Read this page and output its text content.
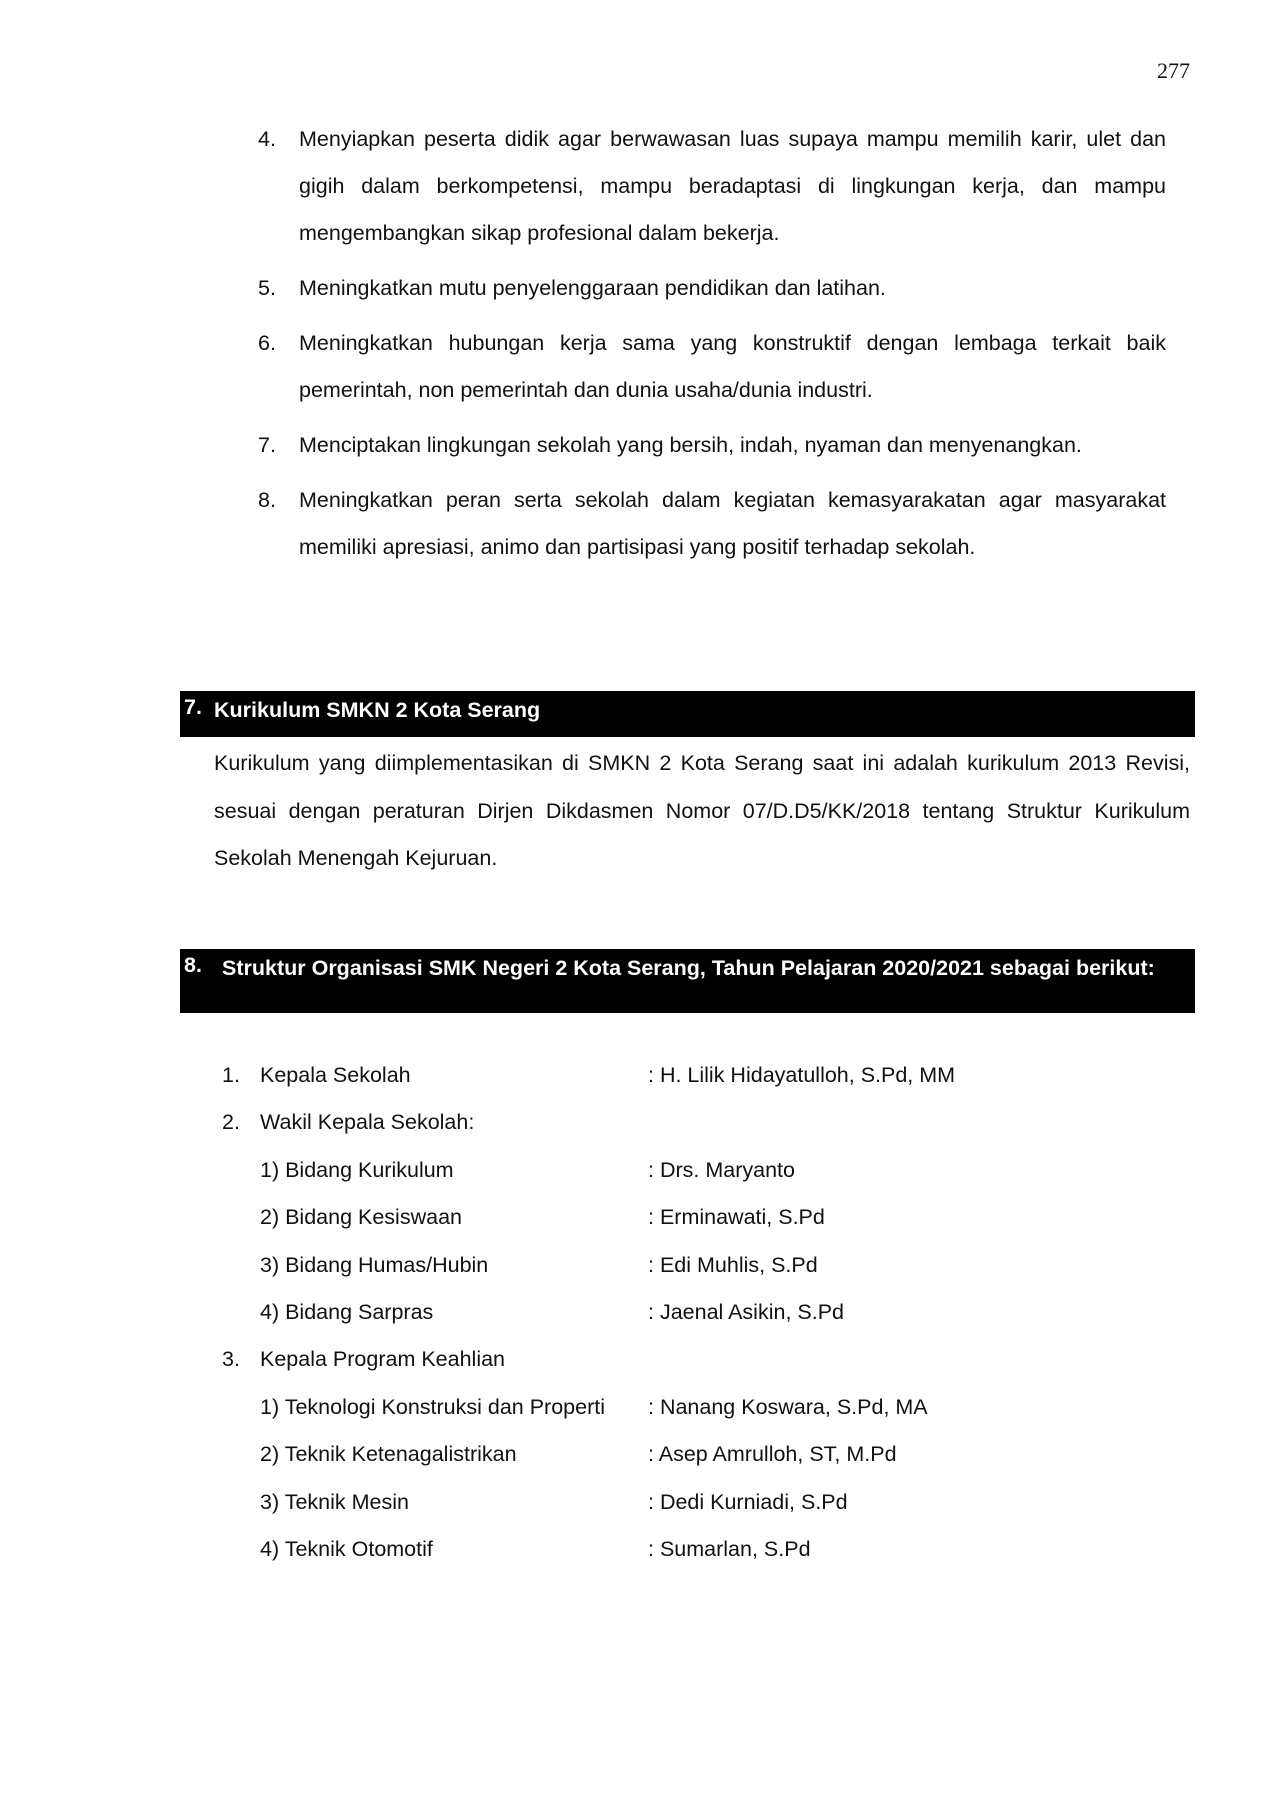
277
4.	Menyiapkan peserta didik agar berwawasan luas supaya mampu memilih karir, ulet dan gigih dalam berkompetensi, mampu beradaptasi di lingkungan kerja, dan mampu mengembangkan sikap profesional dalam bekerja.
5.	Meningkatkan mutu penyelenggaraan pendidikan dan latihan.
6.	Meningkatkan hubungan kerja sama yang konstruktif dengan lembaga terkait baik pemerintah, non pemerintah dan dunia usaha/dunia industri.
7.	Menciptakan lingkungan sekolah yang bersih, indah, nyaman dan menyenangkan.
8.	Meningkatkan peran serta sekolah dalam kegiatan kemasyarakatan agar masyarakat memiliki apresiasi, animo dan partisipasi yang positif terhadap sekolah.
7. Kurikulum SMKN 2 Kota Serang
Kurikulum yang diimplementasikan di SMKN 2 Kota Serang saat ini adalah kurikulum 2013 Revisi, sesuai dengan peraturan Dirjen Dikdasmen Nomor 07/D.D5/KK/2018 tentang Struktur Kurikulum Sekolah Menengah Kejuruan.
8. Struktur Organisasi SMK Negeri 2 Kota Serang, Tahun Pelajaran 2020/2021 sebagai berikut:
1. Kepala Sekolah	: H. Lilik Hidayatulloh, S.Pd, MM
2. Wakil Kepala Sekolah:
1) Bidang Kurikulum	: Drs. Maryanto
2) Bidang Kesiswaan	: Erminawati, S.Pd
3) Bidang Humas/Hubin	: Edi Muhlis, S.Pd
4) Bidang Sarpras	: Jaenal Asikin, S.Pd
3. Kepala Program Keahlian
1) Teknologi Konstruksi dan Properti	: Nanang Koswara, S.Pd, MA
2) Teknik Ketenagalistrikan	: Asep Amrulloh, ST, M.Pd
3) Teknik Mesin	: Dedi Kurniadi, S.Pd
4) Teknik Otomotif	: Sumarlan, S.Pd
